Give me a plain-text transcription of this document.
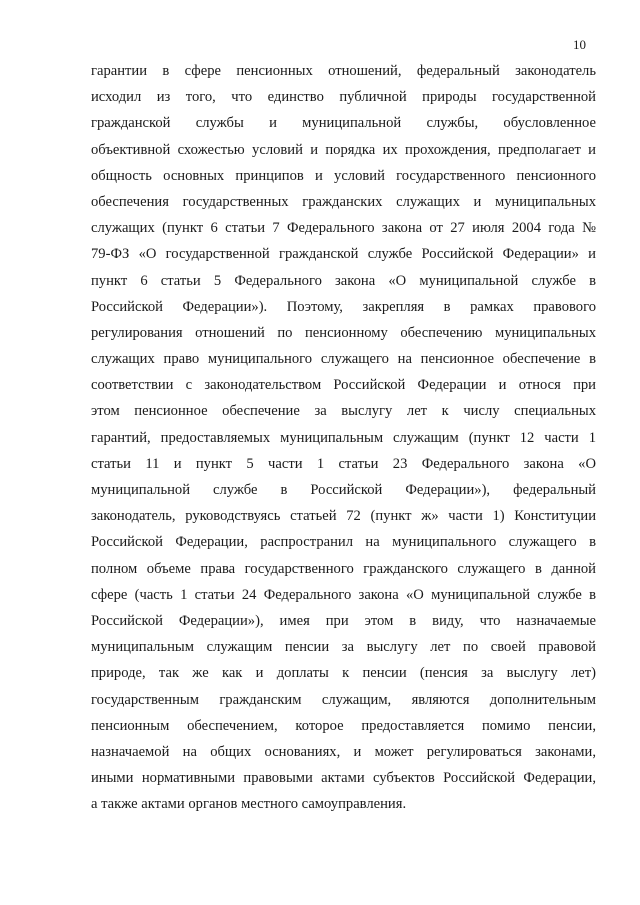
10
гарантии в сфере пенсионных отношений, федеральный законодатель
исходил из того, что единство публичной природы государственной
гражданской службы и муниципальной службы, обусловленное
объективной схожестью условий и порядка их прохождения, предполагает и
общность основных принципов и условий государственного пенсионного
обеспечения государственных гражданских служащих и муниципальных
служащих (пункт 6 статьи 7 Федерального закона от 27 июля 2004 года №
79-ФЗ «О государственной гражданской службе Российской Федерации» и
пункт 6 статьи 5 Федерального закона «О муниципальной службе в
Российской Федерации»). Поэтому, закрепляя в рамках правового
регулирования отношений по пенсионному обеспечению муниципальных
служащих право муниципального служащего на пенсионное обеспечение в
соответствии с законодательством Российской Федерации и относя при
этом пенсионное обеспечение за выслугу лет к числу специальных
гарантий, предоставляемых муниципальным служащим (пункт 12 части 1
статьи 11 и пункт 5 части 1 статьи 23 Федерального закона «О
муниципальной службе в Российской Федерации»), федеральный
законодатель, руководствуясь статьей 72 (пункт ж» части 1) Конституции
Российской Федерации, распространил на муниципального служащего в
полном объеме права государственного гражданского служащего в данной
сфере (часть 1 статьи 24 Федерального закона «О муниципальной службе в
Российской Федерации»), имея при этом в виду, что назначаемые
муниципальным служащим пенсии за выслугу лет по своей правовой
природе, так же как и доплаты к пенсии (пенсия за выслугу лет)
государственным гражданским служащим, являются дополнительным
пенсионным обеспечением, которое предоставляется помимо пенсии,
назначаемой на общих основаниях, и может регулироваться законами,
иными нормативными правовыми актами субъектов Российской Федерации,
а также актами органов местного самоуправления.
